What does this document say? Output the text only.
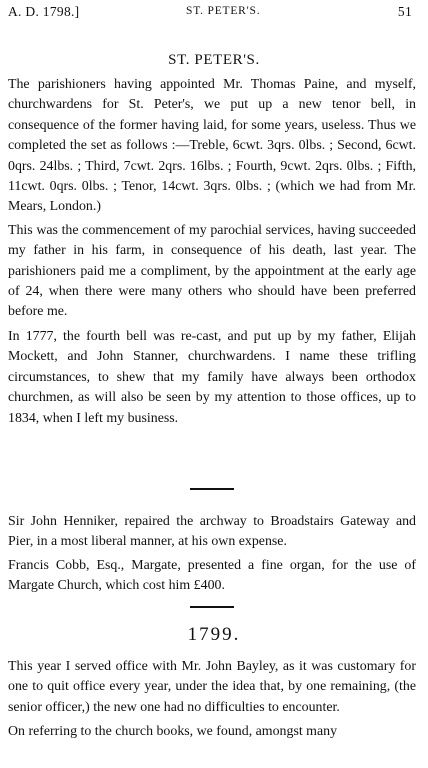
A. D. 1798.]	ST. PETER'S.	51
ST. PETER'S.

The parishioners having appointed Mr. Thomas Paine, and myself, churchwardens for St. Peter's, we put up a new tenor bell, in consequence of the former having laid, for some years, useless. Thus we completed the set as follows :—Treble, 6cwt. 3qrs. 0lbs. ; Second, 6cwt. 0qrs. 24lbs. ; Third, 7cwt. 2qrs. 16lbs. ; Fourth, 9cwt. 2qrs. 0lbs. ; Fifth, 11cwt. 0qrs. 0lbs. ; Tenor, 14cwt. 3qrs. 0lbs. ; (which we had from Mr. Mears, London.)

This was the commencement of my parochial services, having succeeded my father in his farm, in consequence of his death, last year. The parishioners paid me a compliment, by the appointment at the early age of 24, when there were many others who should have been preferred before me.

In 1777, the fourth bell was re-cast, and put up by my father, Elijah Mockett, and John Stanner, churchwardens. I name these trifling circumstances, to shew that my family have always been orthodox churchmen, as will also be seen by my attention to those offices, up to 1834, when I left my business.

Sir John Henniker, repaired the archway to Broadstairs Gateway and Pier, in a most liberal manner, at his own expense.

Francis Cobb, Esq., Margate, presented a fine organ, for the use of Margate Church, which cost him £400.

1799.

This year I served office with Mr. John Bayley, as it was customary for one to quit office every year, under the idea that, by one remaining, (the senior officer,) the new one had no difficulties to encounter.

On referring to the church books, we found, amongst many
